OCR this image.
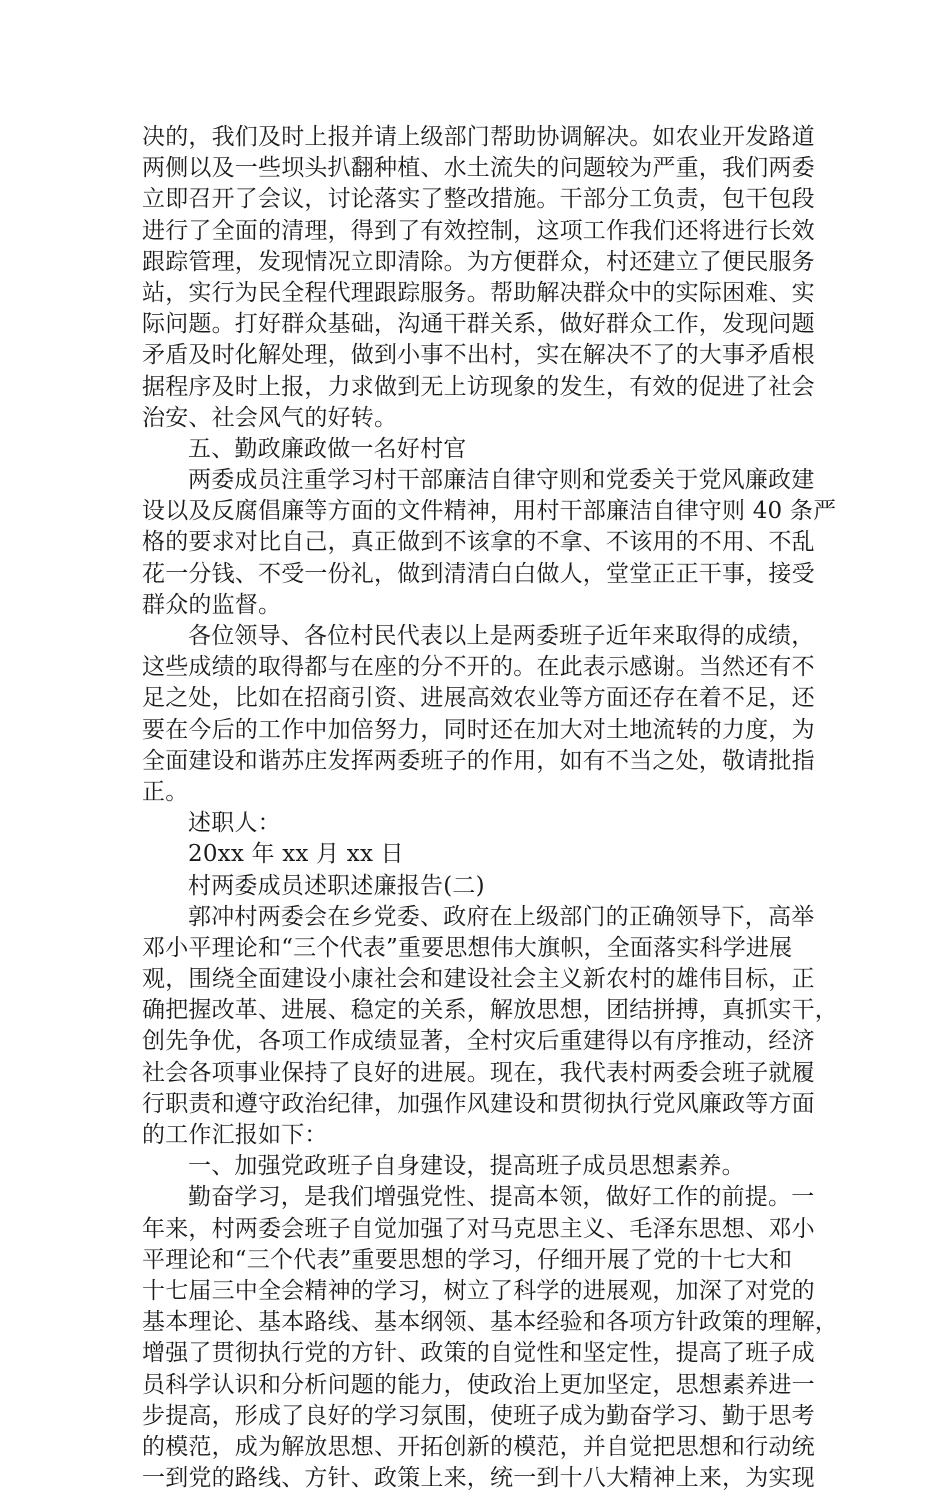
决的，我们及时上报并请上级部门帮助协调解决。如农业开发路道
两侧以及一些坝头扒翻种植、水土流失的问题较为严重，我们两委
立即召开了会议，讨论落实了整改措施。干部分工负责，包干包段
进行了全面的清理，得到了有效控制，这项工作我们还将进行长效
跟踪管理，发现情况立即清除。为方便群众，村还建立了便民服务
站，实行为民全程代理跟踪服务。帮助解决群众中的实际困难、实
际问题。打好群众基础，沟通干群关系，做好群众工作，发现问题
矛盾及时化解处理，做到小事不出村，实在解决不了的大事矛盾根
据程序及时上报，力求做到无上访现象的发生，有效的促进了社会
治安、社会风气的好转。
五、勤政廉政做一名好村官
两委成员注重学习村干部廉洁自律守则和党委关于党风廉政建
设以及反腐倡廉等方面的文件精神，用村干部廉洁自律守则 40 条严
格的要求对比自己，真正做到不该拿的不拿、不该用的不用、不乱
花一分钱、不受一份礼，做到清清白白做人，堂堂正正干事，接受
群众的监督。
各位领导、各位村民代表以上是两委班子近年来取得的成绩，
这些成绩的取得都与在座的分不开的。在此表示感谢。当然还有不
足之处，比如在招商引资、进展高效农业等方面还存在着不足，还
要在今后的工作中加倍努力，同时还在加大对土地流转的力度，为
全面建设和谐苏庄发挥两委班子的作用，如有不当之处，敬请批指
正。
述职人：
20xx 年 xx 月 xx 日
村两委成员述职述廉报告(二)
郭冲村两委会在乡党委、政府在上级部门的正确领导下，高举
邓小平理论和“三个代表”重要思想伟大旗帜，全面落实科学进展
观，围绕全面建设小康社会和建设社会主义新农村的雄伟目标，正
确把握改革、进展、稳定的关系，解放思想，团结拼搏，真抓实干，
创先争优，各项工作成绩显著，全村灾后重建得以有序推动，经济
社会各项事业保持了良好的进展。现在，我代表村两委会班子就履
行职责和遵守政治纪律，加强作风建设和贯彻执行党风廉政等方面
的工作汇报如下：
一、加强党政班子自身建设，提高班子成员思想素养。
勤奋学习，是我们增强党性、提高本领，做好工作的前提。一
年来，村两委会班子自觉加强了对马克思主义、毛泽东思想、邓小
平理论和“三个代表”重要思想的学习，仔细开展了党的十七大和
十七届三中全会精神的学习，树立了科学的进展观，加深了对党的
基本理论、基本路线、基本纲领、基本经验和各项方针政策的理解，
增强了贯彻执行党的方针、政策的自觉性和坚定性，提高了班子成
员科学认识和分析问题的能力，使政治上更加坚定，思想素养进一
步提高，形成了良好的学习氛围，使班子成为勤奋学习、勤于思考
的模范，成为解放思想、开拓创新的模范，并自觉把思想和行动统
一到党的路线、方针、政策上来，统一到十八大精神上来，为实现
